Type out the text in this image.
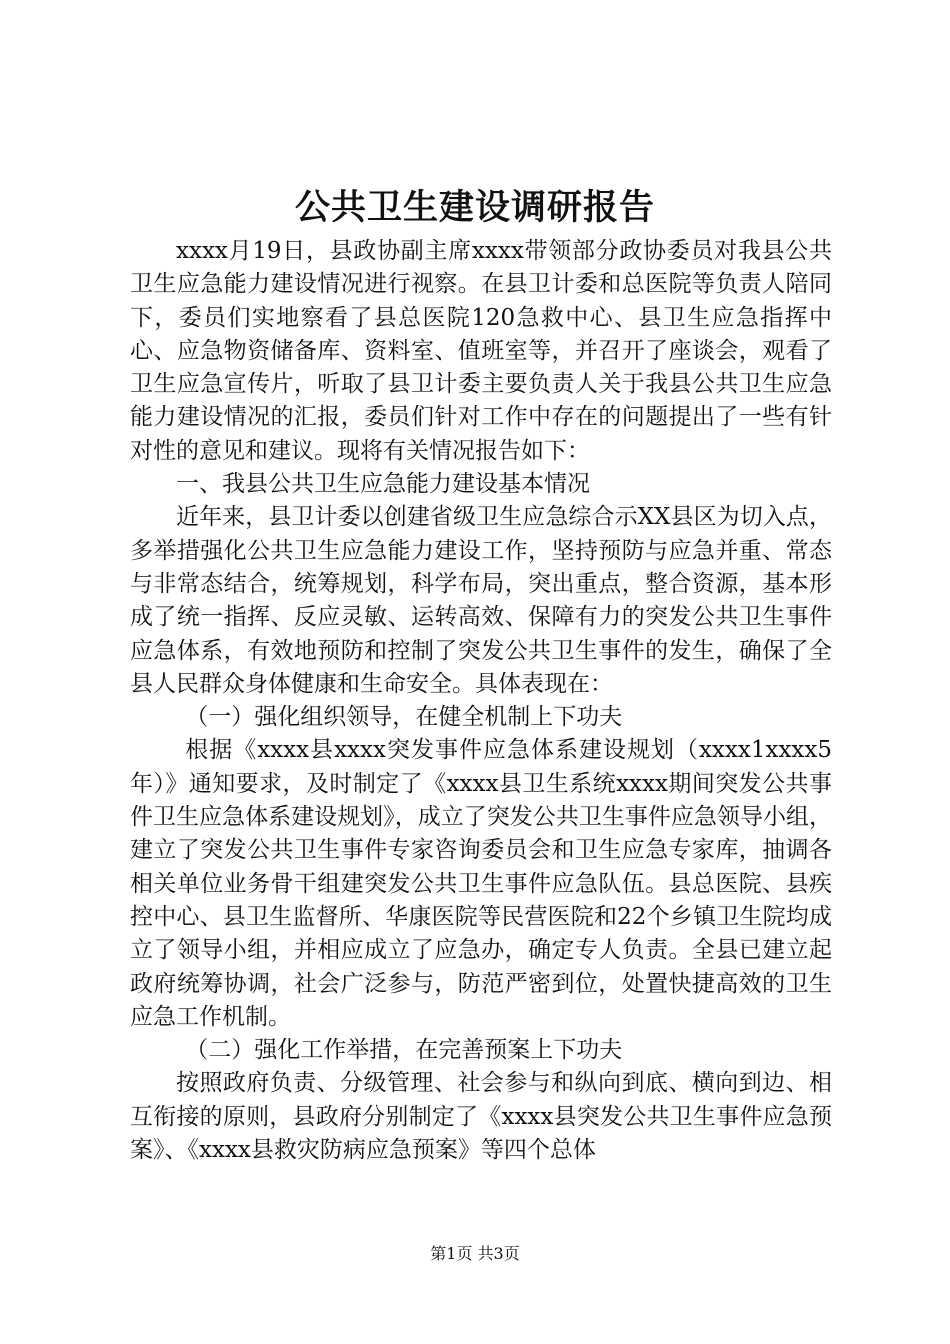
公共卫生建设调研报告

xxxx月19日，县政协副主席xxxx带领部分政协委员对我县公共卫生应急能力建设情况进行视察。在县卫计委和总医院等负责人陪同下，委员们实地察看了县总医院120急救中心、县卫生应急指挥中心、应急物资储备库、资料室、值班室等，并召开了座谈会，观看了卫生应急宣传片，听取了县卫计委主要负责人关于我县公共卫生应急能力建设情况的汇报，委员们针对工作中存在的问题提出了一些有针对性的意见和建议。现将有关情况报告如下：

一、我县公共卫生应急能力建设基本情况

近年来，县卫计委以创建省级卫生应急综合示XX县区为切入点，多举措强化公共卫生应急能力建设工作，坚持预防与应急并重、常态与非常态结合，统筹规划，科学布局，突出重点，整合资源，基本形成了统一指挥、反应灵敏、运转高效、保障有力的突发公共卫生事件应急体系，有效地预防和控制了突发公共卫生事件的发生，确保了全县人民群众身体健康和生命安全。具体表现在：

（一）强化组织领导，在健全机制上下功夫

根据《xxxx县xxxx突发事件应急体系建设规划（xxxx1xxxx5年）》通知要求，及时制定了《xxxx县卫生系统xxxx期间突发公共事件卫生应急体系建设规划》，成立了突发公共卫生事件应急领导小组，建立了突发公共卫生事件专家咨询委员会和卫生应急专家库，抽调各相关单位业务骨干组建突发公共卫生事件应急队伍。县总医院、县疾控中心、县卫生监督所、华康医院等民营医院和22个乡镇卫生院均成立了领导小组，并相应成立了应急办，确定专人负责。全县已建立起政府统筹协调，社会广泛参与，防范严密到位，处置快捷高效的卫生应急工作机制。

（二）强化工作举措，在完善预案上下功夫

按照政府负责、分级管理、社会参与和纵向到底、横向到边、相互衔接的原则，县政府分别制定了《xxxx县突发公共卫生事件应急预案》、《xxxx县救灾防病应急预案》等四个总体

第1页 共3页
